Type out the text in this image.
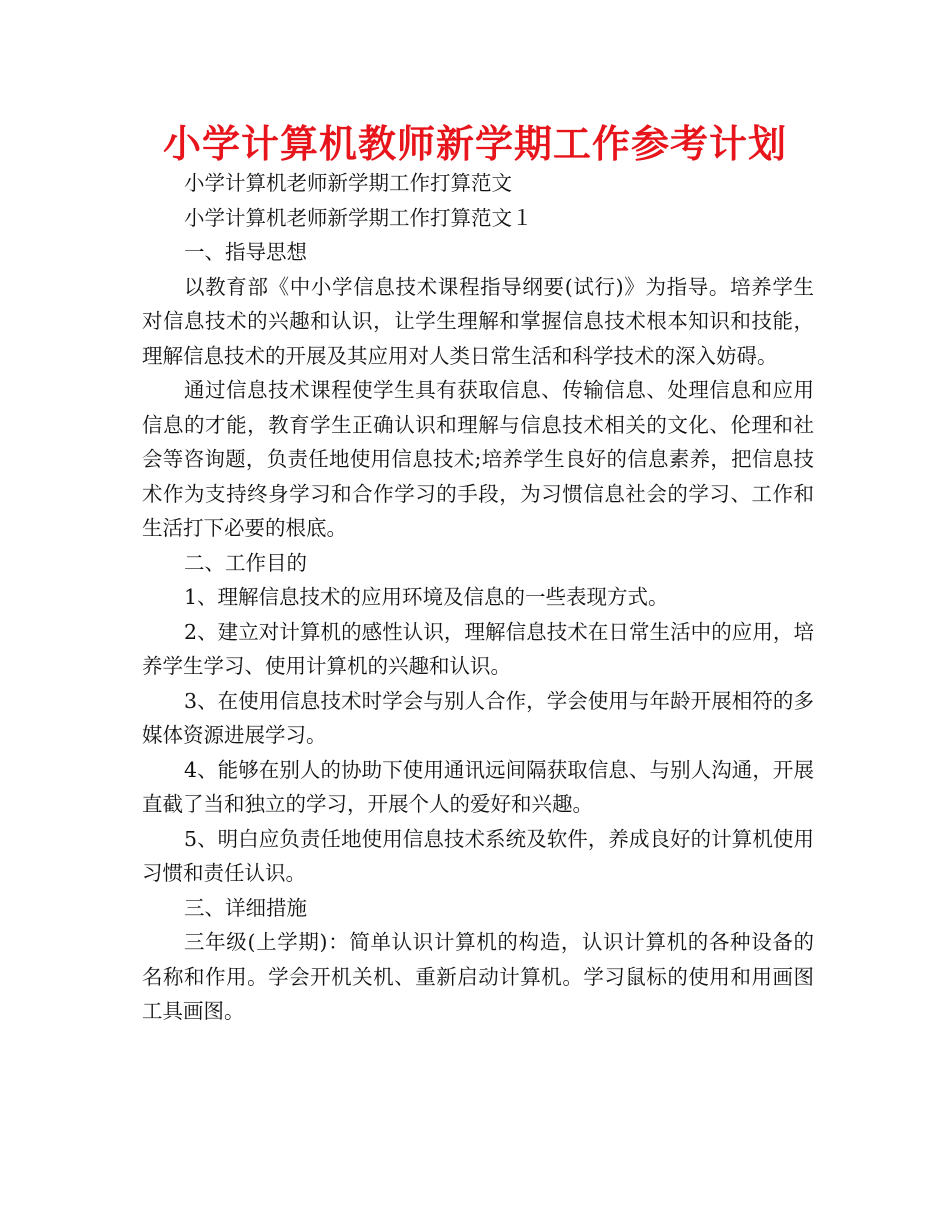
小学计算机教师新学期工作参考计划

小学计算机老师新学期工作打算范文

小学计算机老师新学期工作打算范文１

一、指导思想

以教育部《中小学信息技术课程指导纲要(试行)》为指导。培养学生对信息技术的兴趣和认识，让学生理解和掌握信息技术根本知识和技能，理解信息技术的开展及其应用对人类日常生活和科学技术的深入妨碍。

通过信息技术课程使学生具有获取信息、传输信息、处理信息和应用信息的才能，教育学生正确认识和理解与信息技术相关的文化、伦理和社会等咨询题，负责任地使用信息技术;培养学生良好的信息素养，把信息技术作为支持终身学习和合作学习的手段，为习惯信息社会的学习、工作和生活打下必要的根底。

二、工作目的

1、理解信息技术的应用环境及信息的一些表现方式。

2、建立对计算机的感性认识，理解信息技术在日常生活中的应用，培养学生学习、使用计算机的兴趣和认识。

3、在使用信息技术时学会与别人合作，学会使用与年龄开展相符的多媒体资源进展学习。

4、能够在别人的协助下使用通讯远间隔获取信息、与别人沟通，开展直截了当和独立的学习，开展个人的爱好和兴趣。

5、明白应负责任地使用信息技术系统及软件，养成良好的计算机使用习惯和责任认识。

三、详细措施

三年级(上学期)：简单认识计算机的构造，认识计算机的各种设备的名称和作用。学会开机关机、重新启动计算机。学习鼠标的使用和用画图工具画图。
